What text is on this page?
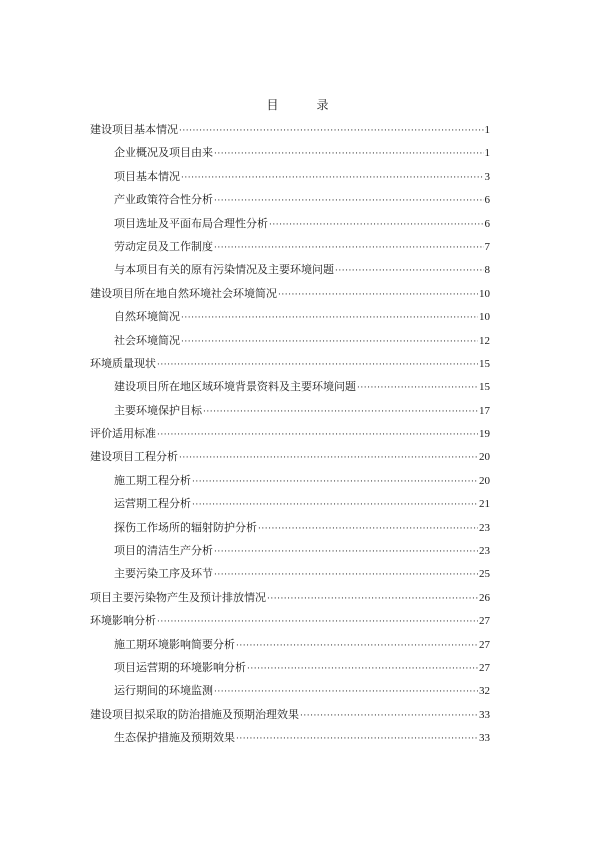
目录
建设项目基本情况 ·····	1
企业概况及项目由来 ·····	1
项目基本情况 ·····	3
产业政策符合性分析 ·····	6
项目选址及平面布局合理性分析 ·····	6
劳动定员及工作制度 ·····	7
与本项目有关的原有污染情况及主要环境问题 ·····	8
建设项目所在地自然环境社会环境简况 ·····	10
自然环境简况 ·····	10
社会环境简况 ·····	12
环境质量现状 ·····	15
建设项目所在地区域环境背景资料及主要环境问题 ·····	15
主要环境保护目标 ·····	17
评价适用标准 ·····	19
建设项目工程分析 ·····	20
施工期工程分析 ·····	20
运营期工程分析 ·····	21
探伤工作场所的辐射防护分析 ·····	23
项目的清洁生产分析 ·····	23
主要污染工序及环节 ·····	25
项目主要污染物产生及预计排放情况 ·····	26
环境影响分析 ·····	27
施工期环境影响简要分析 ·····	27
项目运营期的环境影响分析 ·····	27
运行期间的环境监测 ·····	32
建设项目拟采取的防治措施及预期治理效果 ·····	33
生态保护措施及预期效果 ·····	33
